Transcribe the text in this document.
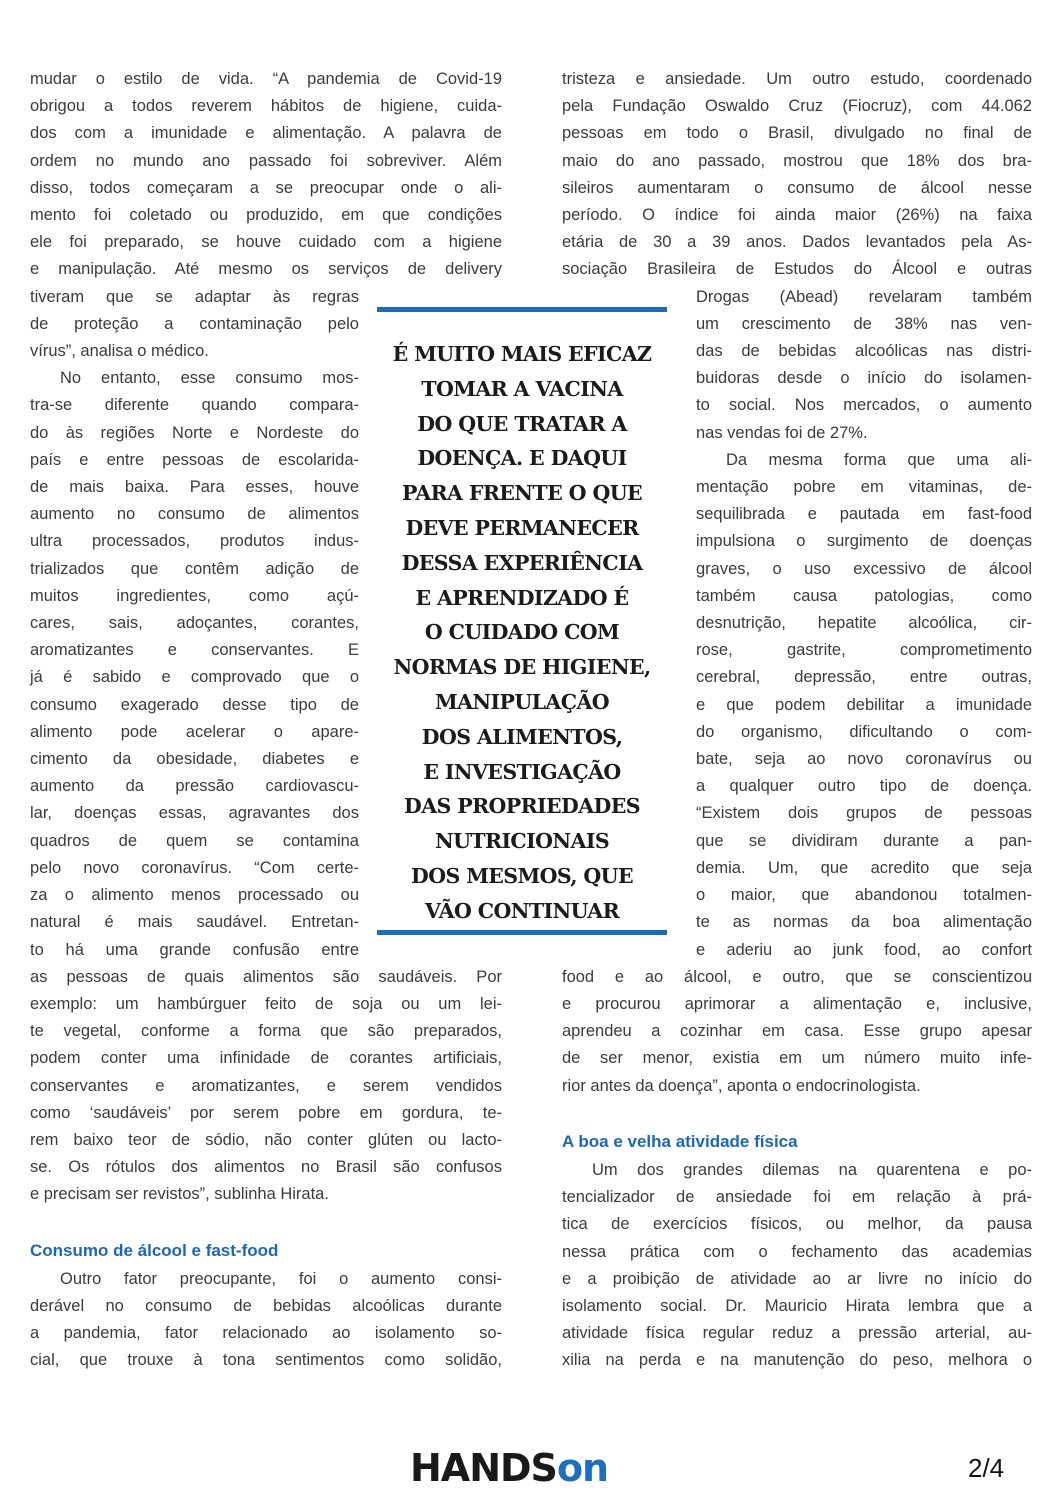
mudar o estilo de vida. “A pandemia de Covid-19
obrigou a todos reverem hábitos de higiene, cuida-
dos com a imunidade e alimentação. A palavra de
ordem no mundo ano passado foi sobreviver. Além
disso, todos começaram a se preocupar onde o ali-
mento foi coletado ou produzido, em que condições
ele foi preparado, se houve cuidado com a higiene
e manipulação. Até mesmo os serviços de delivery
tiveram que se adaptar às regras
de proteção a contaminação pelo
vírus”, analisa o médico.

No entanto, esse consumo mos-
tra-se diferente quando compara-
do às regiões Norte e Nordeste do
país e entre pessoas de escolarida-
de mais baixa. Para esses, houve
aumento no consumo de alimentos
ultra processados, produtos indus-
trializados que contêm adição de
muitos ingredientes, como açú-
cares, sais, adoçantes, corantes,
aromatizantes e conservantes. E
já é sabido e comprovado que o
consumo exagerado desse tipo de
alimento pode acelerar o apare-
cimento da obesidade, diabetes e
aumento da pressão cardiovascu-
lar, doenças essas, agravantes dos
quadros de quem se contamina
pelo novo coronavírus. “Com certe-
za o alimento menos processado ou
natural é mais saudável. Entretan-
to há uma grande confusão entre
as pessoas de quais alimentos são saudáveis. Por
exemplo: um hambúrguer feito de soja ou um lei-
te vegetal, conforme a forma que são preparados,
podem conter uma infinidade de corantes artificiais,
conservantes e aromatizantes, e serem vendidos
como ‘saudáveis’ por serem pobre em gordura, te-
rem baixo teor de sódio, não conter glúten ou lacto-
se. Os rótulos dos alimentos no Brasil são confusos
e precisam ser revistos”, sublinha Hirata.

Consumo de álcool e fast-food

Outro fator preocupante, foi o aumento consi-
derável no consumo de bebidas alcoólicas durante
a pandemia, fator relacionado ao isolamento so-
cial, que trouxe à tona sentimentos como solidão,

tristeza e ansiedade. Um outro estudo, coordenado
pela Fundação Oswaldo Cruz (Fiocruz), com 44.062
pessoas em todo o Brasil, divulgado no final de
maio do ano passado, mostrou que 18% dos bra-
sileiros aumentaram o consumo de álcool nesse
período. O índice foi ainda maior (26%) na faixa
etária de 30 a 39 anos. Dados levantados pela As-
sociação Brasileira de Estudos do Álcool e outras
Drogas (Abead) revelaram também
um crescimento de 38% nas ven-
das de bebidas alcoólicas nas distri-
buidoras desde o início do isolamen-
to social. Nos mercados, o aumento
nas vendas foi de 27%.

Da mesma forma que uma ali-
mentação pobre em vitaminas, de-
sequilibrada e pautada em fast-food
impulsiona o surgimento de doenças
graves, o uso excessivo de álcool
também causa patologias, como
desnutrição, hepatite alcoólica, cir-
rose, gastrite, comprometimento
cerebral, depressão, entre outras,
e que podem debilitar a imunidade
do organismo, dificultando o com-
bate, seja ao novo coronavírus ou
a qualquer outro tipo de doença.
“Existem dois grupos de pessoas
que se dividiram durante a pan-
demia. Um, que acredito que seja
o maior, que abandonou totalmen-
te as normas da boa alimentação
e aderiu ao junk food, ao confort
food e ao álcool, e outro, que se conscientizou
e procurou aprimorar a alimentação e, inclusive,
aprendeu a cozinhar em casa. Esse grupo apesar
de ser menor, existia em um número muito infe-
rior antes da doença”, aponta o endocrinologista.

A boa e velha atividade física

Um dos grandes dilemas na quarentena e po-
tencializador de ansiedade foi em relação à prá-
tica de exercícios físicos, ou melhor, da pausa
nessa prática com o fechamento das academias
e a proibição de atividade ao ar livre no início do
isolamento social. Dr. Mauricio Hirata lembra que a
atividade física regular reduz a pressão arterial, au-
xilia na perda e na manutenção do peso, melhora o

É MUITO MAIS EFICAZ
TOMAR A VACINA
DO QUE TRATAR A
DOENÇA. E DAQUI
PARA FRENTE O QUE
DEVE PERMANECER
DESSA EXPERIÊNCIA
E APRENDIZADO É
O CUIDADO COM
NORMAS DE HIGIENE,
MANIPULAÇÃO
DOS ALIMENTOS,
E INVESTIGAÇÃO
DAS PROPRIEDADES
NUTRICIONAIS
DOS MESMOS, QUE
VÃO CONTINUAR
HANDSon	2/4
